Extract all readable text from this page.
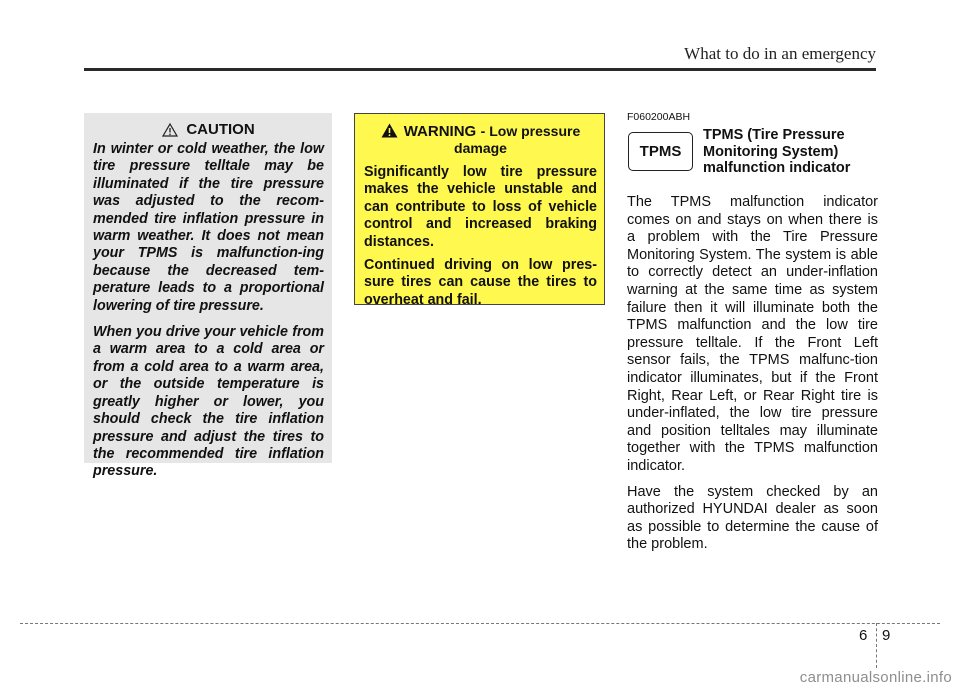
What to do in an emergency
CAUTION

In winter or cold weather, the low tire pressure telltale may be illuminated if the tire pressure was adjusted to the recom-mended tire inflation pressure in warm weather. It does not mean your TPMS is malfunction-ing because the decreased tem-perature leads to a proportional lowering of tire pressure.

When you drive your vehicle from a warm area to a cold area or from a cold area to a warm area, or the outside temperature is greatly higher or lower, you should check the tire inflation pressure and adjust the tires to the recommended tire inflation pressure.

WARNING - Low pressure damage

Significantly low tire pressure makes the vehicle unstable and can contribute to loss of vehicle control and increased braking distances.

Continued driving on low pres-sure tires can cause the tires to overheat and fail.

F060200ABH
TPMS
TPMS (Tire Pressure Monitoring System) malfunction indicator

The TPMS malfunction indicator comes on and stays on when there is a problem with the Tire Pressure Monitoring System. The system is able to correctly detect an under-inflation warning at the same time as system failure then it will illuminate both the TPMS malfunction and the low tire pressure telltale. If the Front Left sensor fails, the TPMS malfunc-tion indicator illuminates, but if the Front Right, Rear Left, or Rear Right tire is under-inflated, the low tire pressure and position telltales may illuminate together with the TPMS malfunction indicator.

Have the system checked by an authorized HYUNDAI dealer as soon as possible to determine the cause of the problem.

6 9
carmanualsonline.info
